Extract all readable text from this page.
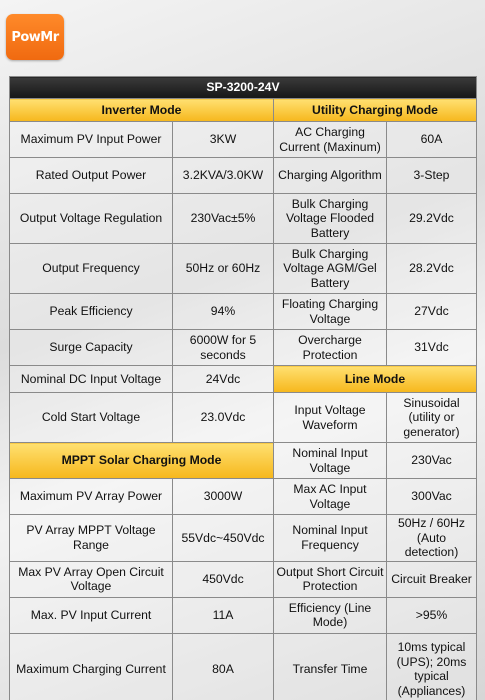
PowMr
SP-3200-24V			
Inverter Mode		Utility Charging Mode	
Maximum PV Input Power	3KW	AC Charging Current (Maxinum)	60A
Rated Output Power	3.2KVA/3.0KW	Charging Algorithm	3-Step
Output Voltage Regulation	230Vac±5%	Bulk Charging Voltage Flooded Battery	29.2Vdc
Output Frequency	50Hz or 60Hz	Bulk Charging Voltage AGM/Gel Battery	28.2Vdc
Peak Efficiency	94%	Floating Charging Voltage	27Vdc
Surge Capacity	6000W for 5 seconds	Overcharge Protection	31Vdc
Nominal DC Input Voltage	24Vdc	Line Mode	
Cold Start Voltage	23.0Vdc	Input Voltage Waveform	Sinusoidal (utility or generator)
MPPT Solar Charging Mode		Nominal Input Voltage	230Vac
Maximum PV Array Power	3000W	Max AC Input Voltage	300Vac
PV Array MPPT Voltage Range	55Vdc~450Vdc	Nominal Input Frequency	50Hz / 60Hz (Auto detection)
Max PV Array Open Circuit Voltage	450Vdc	Output Short Circuit Protection	Circuit Breaker
Max. PV Input Current	11A	Efficiency (Line Mode)	>95%
Maximum Charging Current	80A	Transfer Time	10ms typical (UPS); 20ms typical (Appliances)
